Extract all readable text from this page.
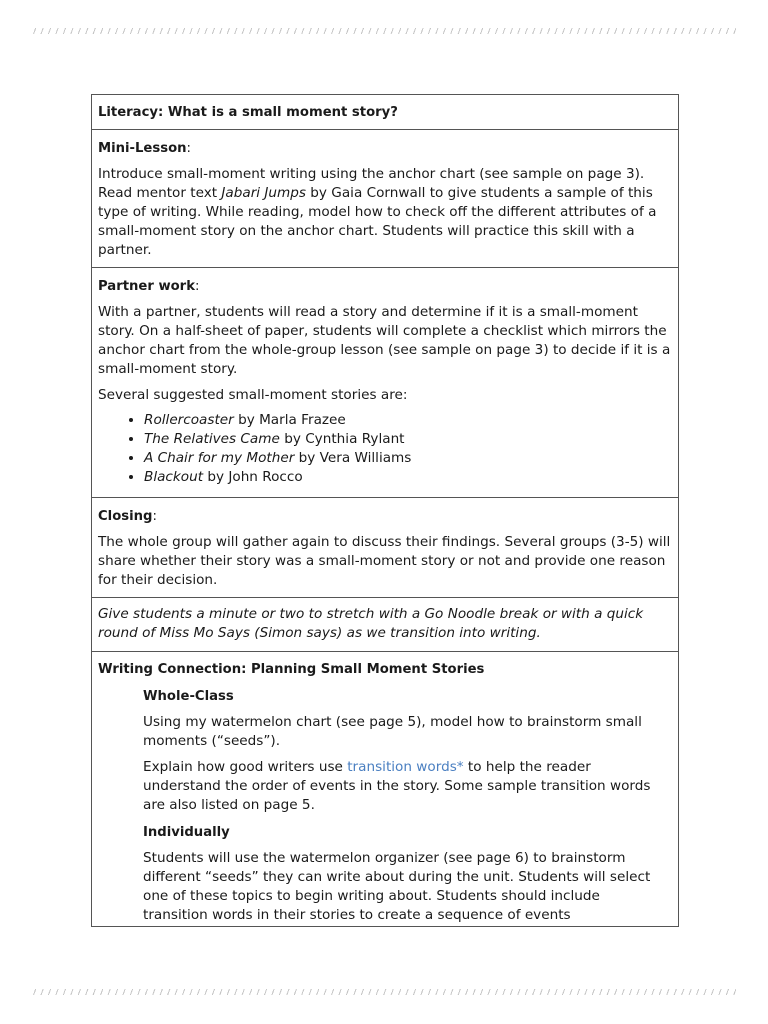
Literacy: What is a small moment story?

Mini-Lesson:

Introduce small-moment writing using the anchor chart (see sample on page 3). Read mentor text Jabari Jumps by Gaia Cornwall to give students a sample of this type of writing. While reading, model how to check off the different attributes of a small-moment story on the anchor chart. Students will practice this skill with a partner.

Partner work:

With a partner, students will read a story and determine if it is a small-moment story. On a half-sheet of paper, students will complete a checklist which mirrors the anchor chart from the whole-group lesson (see sample on page 3) to decide if it is a small-moment story.

Several suggested small-moment stories are:

• Rollercoaster by Marla Frazee
• The Relatives Came by Cynthia Rylant
• A Chair for my Mother by Vera Williams
• Blackout by John Rocco

Closing:

The whole group will gather again to discuss their findings. Several groups (3-5) will share whether their story was a small-moment story or not and provide one reason for their decision.

Give students a minute or two to stretch with a Go Noodle break or with a quick round of Miss Mo Says (Simon says) as we transition into writing.

Writing Connection: Planning Small Moment Stories

Whole-Class

Using my watermelon chart (see page 5), model how to brainstorm small moments (“seeds”).

Explain how good writers use transition words* to help the reader understand the order of events in the story. Some sample transition words are also listed on page 5.

Individually

Students will use the watermelon organizer (see page 6) to brainstorm different “seeds” they can write about during the unit. Students will select one of these topics to begin writing about. Students should include transition words in their stories to create a sequence of events
